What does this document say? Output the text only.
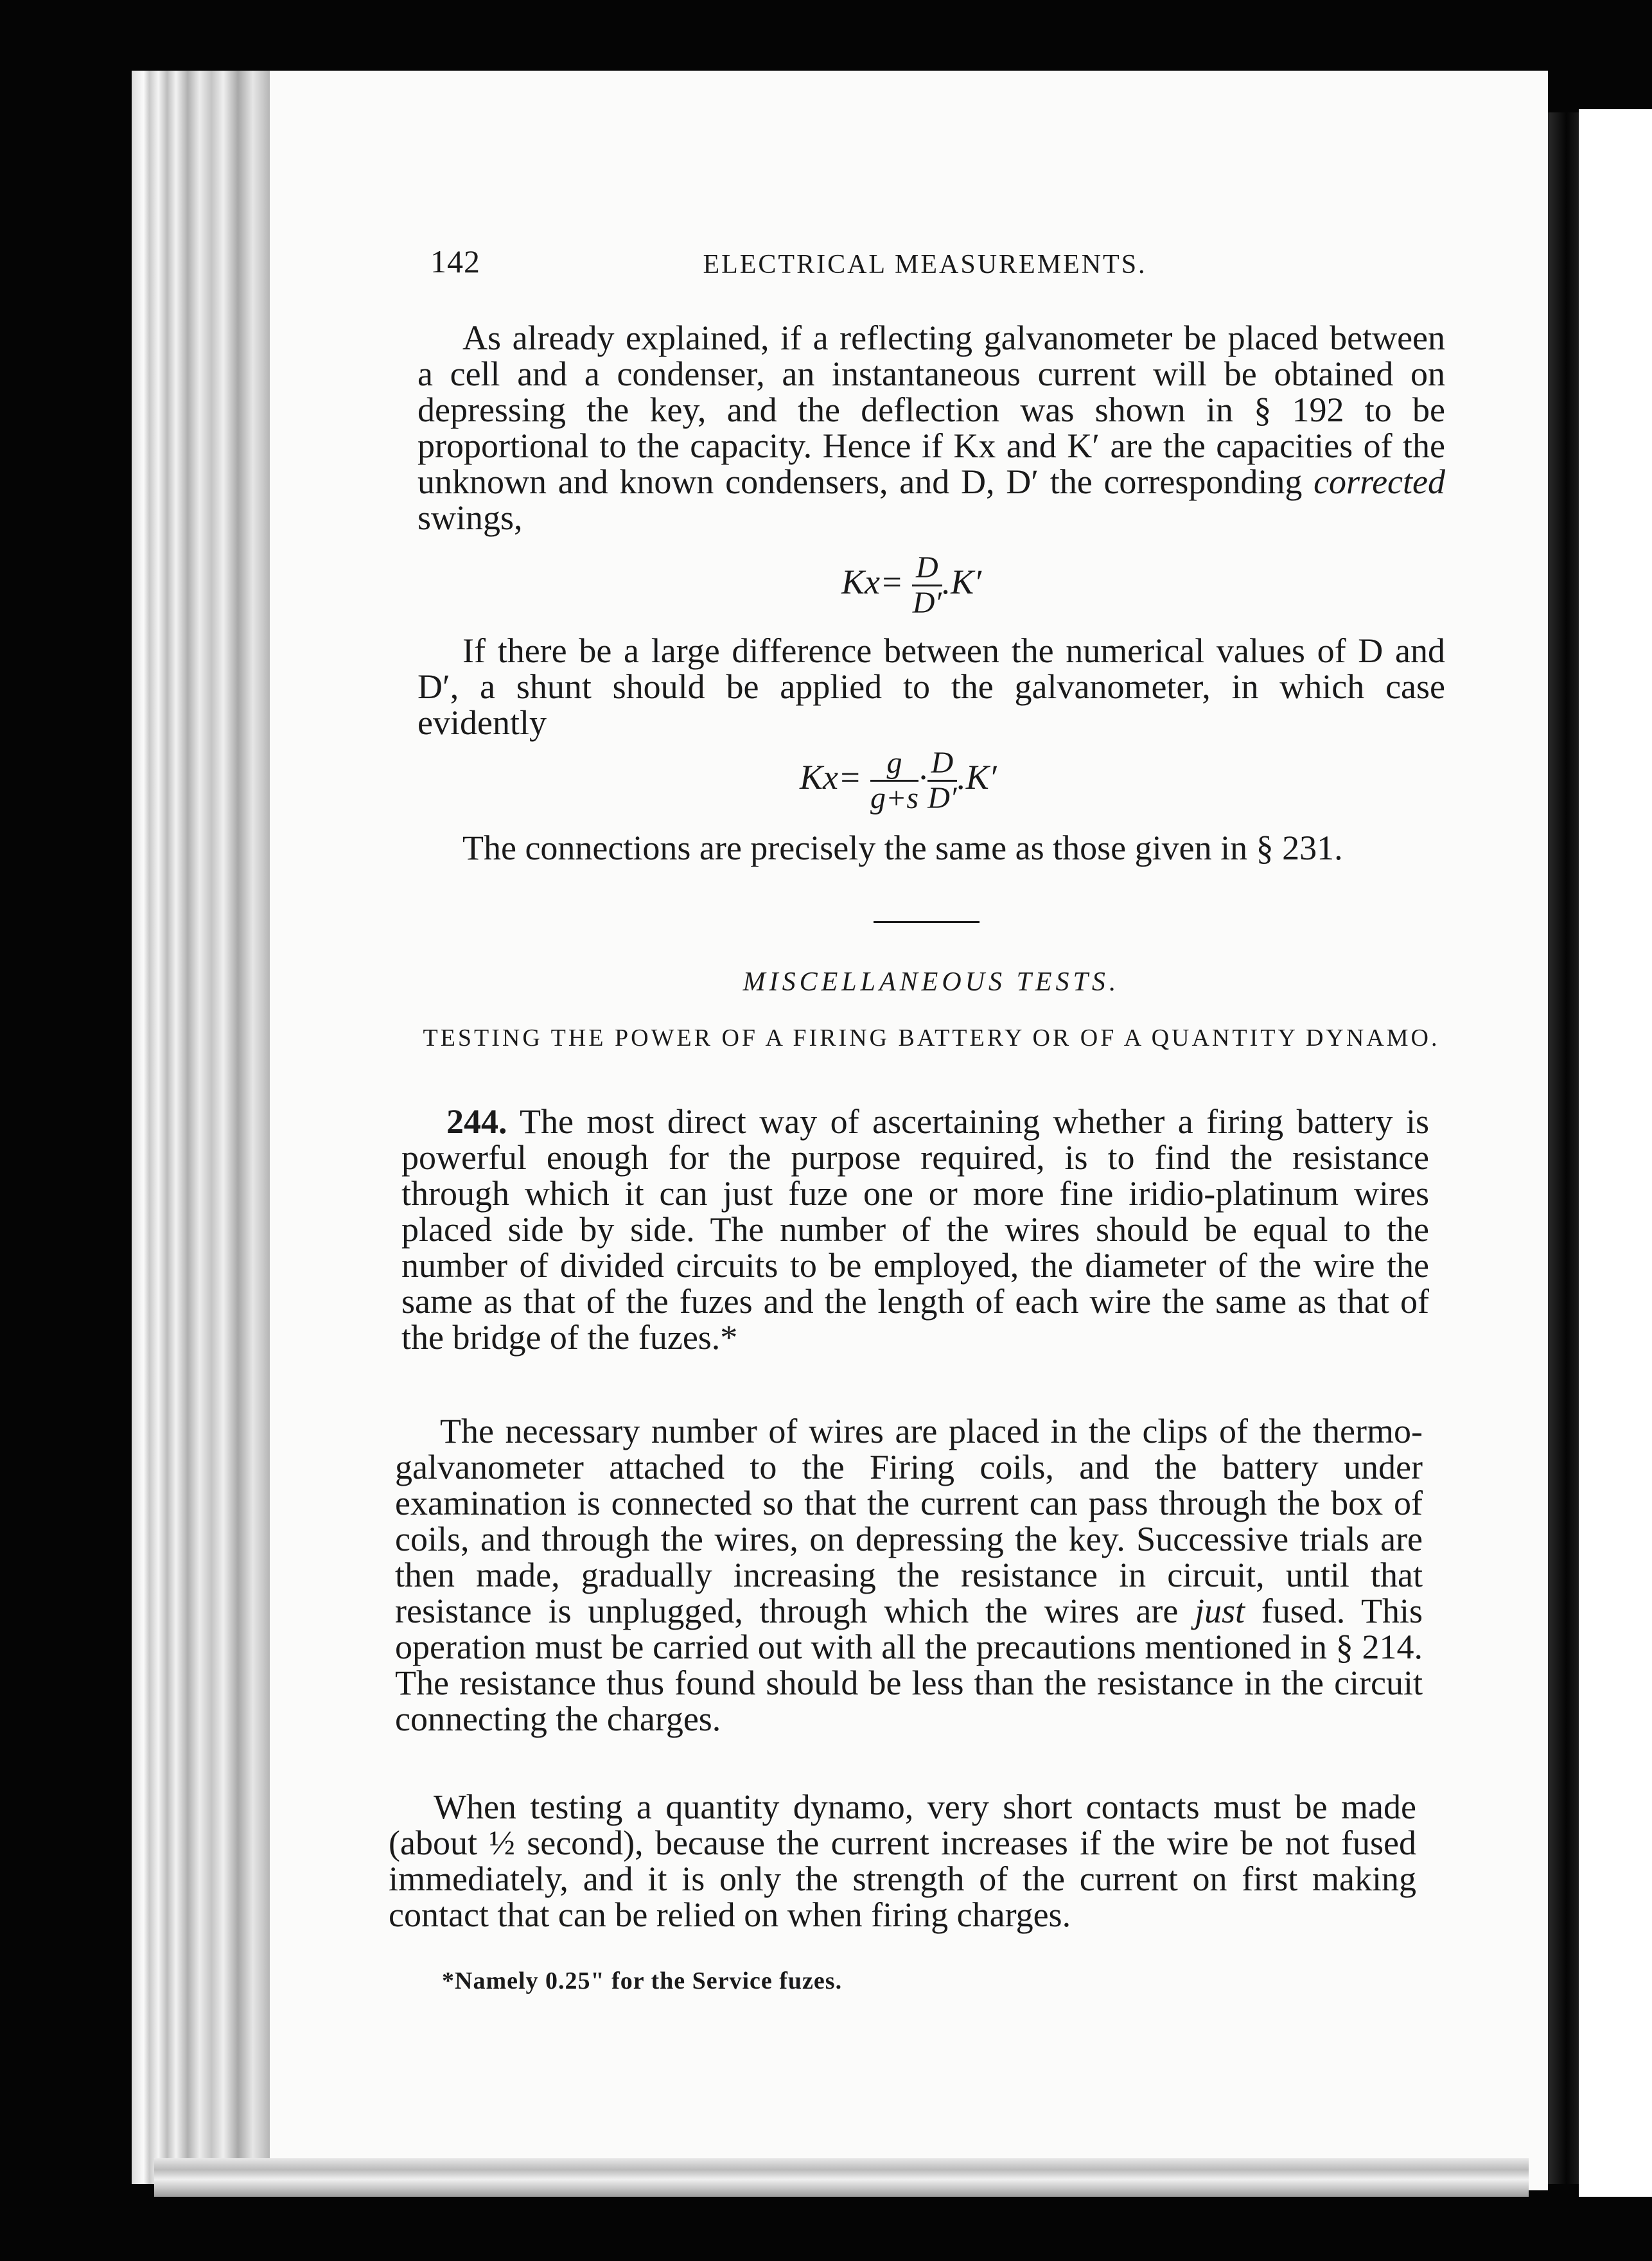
142	ELECTRICAL MEASUREMENTS.

As already explained, if a reflecting galvanometer be placed between a cell and a condenser, an instantaneous current will be obtained on depressing the key, and the deflection was shown in § 192 to be proportional to the capacity. Hence if Kx and K′ are the capacities of the unknown and known condensers, and D, D′ the corresponding corrected swings,

$Kx= \frac{D}{D'} .K'$

If there be a large difference between the numerical values of D and D′, a shunt should be applied to the galvanometer, in which case evidently

$Kx= \frac{g}{g+s} \cdot \frac{D}{D'} .K'$

The connections are precisely the same as those given in § 231.

MISCELLANEOUS TESTS.
TESTING THE POWER OF A FIRING BATTERY OR OF A QUANTITY DYNAMO.

244. The most direct way of ascertaining whether a firing battery is powerful enough for the purpose required, is to find the resistance through which it can just fuze one or more fine iridio-platinum wires placed side by side. The number of the wires should be equal to the number of divided circuits to be employed, the diameter of the wire the same as that of the fuzes and the length of each wire the same as that of the bridge of the fuzes.*

The necessary number of wires are placed in the clips of the thermo-galvanometer attached to the Firing coils, and the battery under examination is connected so that the current can pass through the box of coils, and through the wires, on depressing the key. Successive trials are then made, gradually increasing the resistance in circuit, until that resistance is unplugged, through which the wires are just fused. This operation must be carried out with all the precautions mentioned in § 214. The resistance thus found should be less than the resistance in the circuit connecting the charges.

When testing a quantity dynamo, very short contacts must be made (about ½ second), because the current increases if the wire be not fused immediately, and it is only the strength of the current on first making contact that can be relied on when firing charges.

*Namely 0.25" for the Service fuzes.
